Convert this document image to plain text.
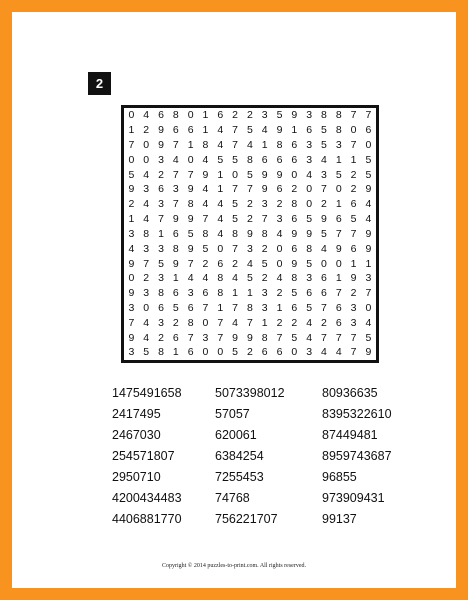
2
0 4 6 8 0 1 6 2 2 3 5 9 3 8 8 7 7
1 2 9 6 6 1 4 7 5 4 9 1 6 5 8 0 6
7 0 9 7 1 8 4 7 4 1 8 6 3 5 3 7 0
0 0 3 4 0 4 5 5 8 6 6 6 3 4 1 1 5
5 4 2 7 7 9 1 0 5 9 9 0 4 3 5 2 5
9 3 6 3 9 4 1 7 7 9 6 2 0 7 0 2 9
2 4 3 7 8 4 4 5 2 3 2 8 0 2 1 6 4
1 4 7 9 9 7 4 5 2 7 3 6 5 9 6 5 4
3 8 1 6 5 8 4 8 9 8 4 9 9 5 7 7 9
4 3 3 8 9 5 0 7 3 2 0 6 8 4 9 6 9
9 7 5 9 7 2 6 2 4 5 0 9 5 0 0 1 1
0 2 3 1 4 4 8 4 5 2 4 8 3 6 1 9 3
9 3 8 6 3 6 8 1 1 3 2 5 6 6 7 2 7
3 0 6 5 6 7 1 7 8 3 1 6 5 7 6 3 0
7 4 3 2 8 0 7 4 7 1 2 2 4 2 6 3 4
9 4 2 6 7 3 7 9 9 8 7 5 4 7 7 7 5
3 5 8 1 6 0 0 5 2 6 6 0 3 4 4 7 9
1475491658	5073398012	80936635
2417495	57057	8395322610
2467030	620061	87449481
254571807	6384254	8959743687
2950710	7255453	96855
4200434483	74768	973909431
4406881770	756221707	99137
Copyright © 2014 puzzles-to-print.com. All rights reserved.
